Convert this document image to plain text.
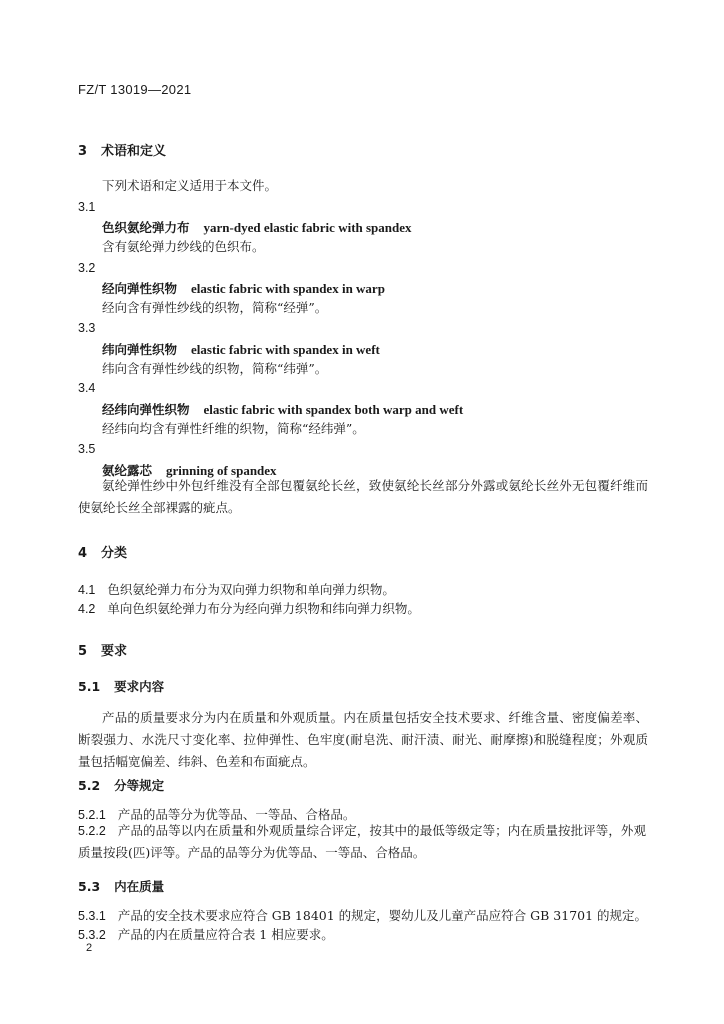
FZ/T 13019—2021
3 术语和定义
下列术语和定义适用于本文件。
3.1
色织氨纶弹力布 yarn-dyed elastic fabric with spandex
含有氨纶弹力纱线的色织布。
3.2
经向弹性织物 elastic fabric with spandex in warp
经向含有弹性纱线的织物，简称“经弹”。
3.3
纬向弹性织物 elastic fabric with spandex in weft
纬向含有弹性纱线的织物，简称“纬弹”。
3.4
经纬向弹性织物 elastic fabric with spandex both warp and weft
经纬向均含有弹性纤维的织物，简称“经纬弹”。
3.5
氨纶露芯 grinning of spandex

氨纶弹性纱中外包纤维没有全部包覆氨纶长丝，致使氨纶长丝部分外露或氨纶长丝外无包覆纤维而使氨纶长丝全部裸露的疵点。

4 分类
4.1 色织氨纶弹力布分为双向弹力织物和单向弹力织物。
4.2 单向色织氨纶弹力布分为经向弹力织物和纬向弹力织物。
5 要求
5.1 要求内容

产品的质量要求分为内在质量和外观质量。内在质量包括安全技术要求、纤维含量、密度偏差率、断裂强力、水洗尺寸变化率、拉伸弹性、色牢度(耐皂洗、耐汗渍、耐光、耐摩擦)和脱缝程度；外观质量包括幅宽偏差、纬斜、色差和布面疵点。

5.2 分等规定
5.2.1 产品的品等分为优等品、一等品、合格品。
5.2.2 产品的品等以内在质量和外观质量综合评定，按其中的最低等级定等；内在质量按批评等，外观质量按段(匹)评等。产品的品等分为优等品、一等品、合格品。
5.3 内在质量
5.3.1 产品的安全技术要求应符合 GB 18401 的规定，婴幼儿及儿童产品应符合 GB 31701 的规定。
5.3.2 产品的内在质量应符合表 1 相应要求。
2
